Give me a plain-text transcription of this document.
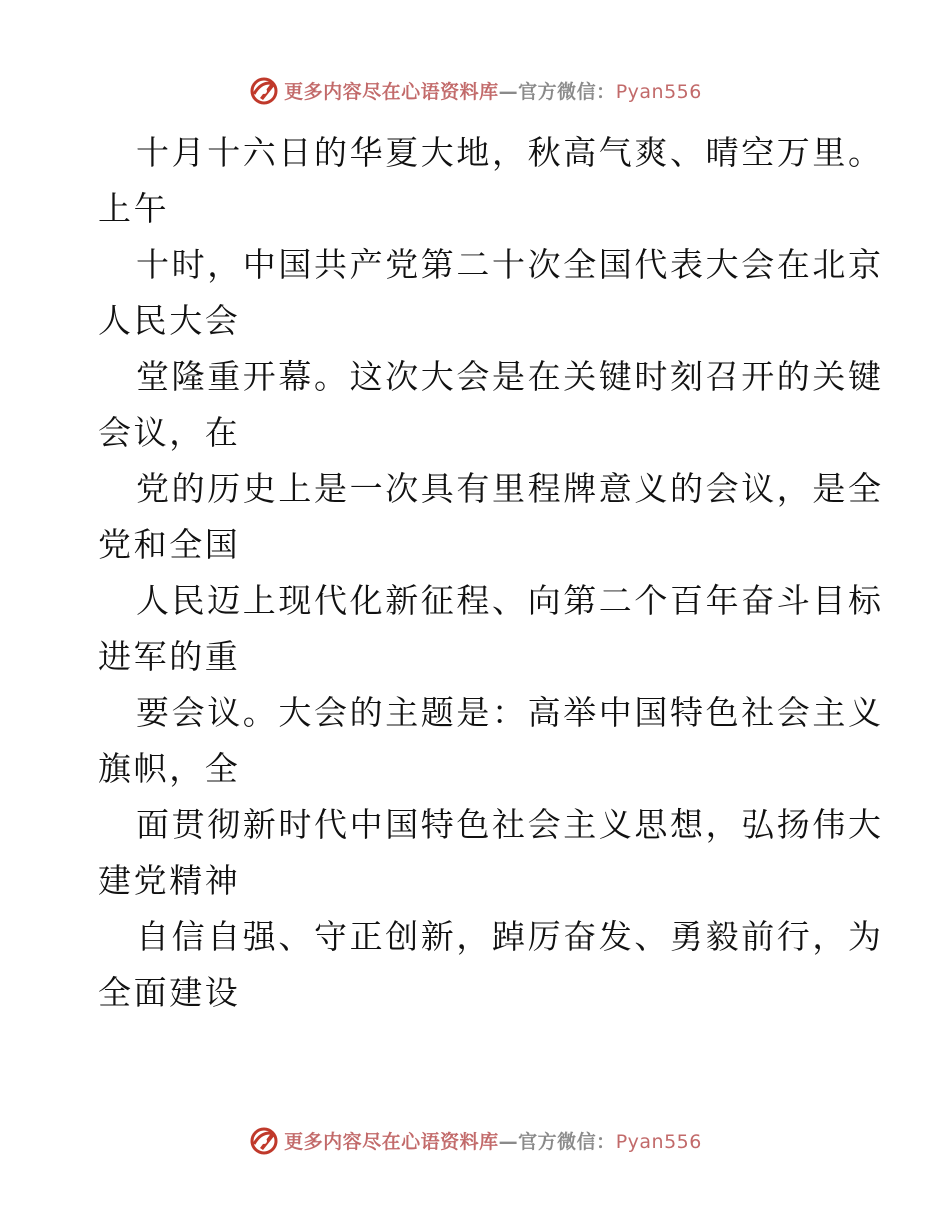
更多内容尽在心语资料库—官方微信：Pyan556
十月十六日的华夏大地，秋高气爽、晴空万里。
上午
十时，中国共产党第二十次全国代表大会在北京
人民大会
堂隆重开幕。这次大会是在关键时刻召开的关键
会议，在
党的历史上是一次具有里程牌意义的会议，是全
党和全国
人民迈上现代化新征程、向第二个百年奋斗目标
进军的重
要会议。大会的主题是：高举中国特色社会主义
旗帜，全
面贯彻新时代中国特色社会主义思想，弘扬伟大
建党精神
自信自强、守正创新，踔厉奋发、勇毅前行，为
全面建设
更多内容尽在心语资料库—官方微信：Pyan556
